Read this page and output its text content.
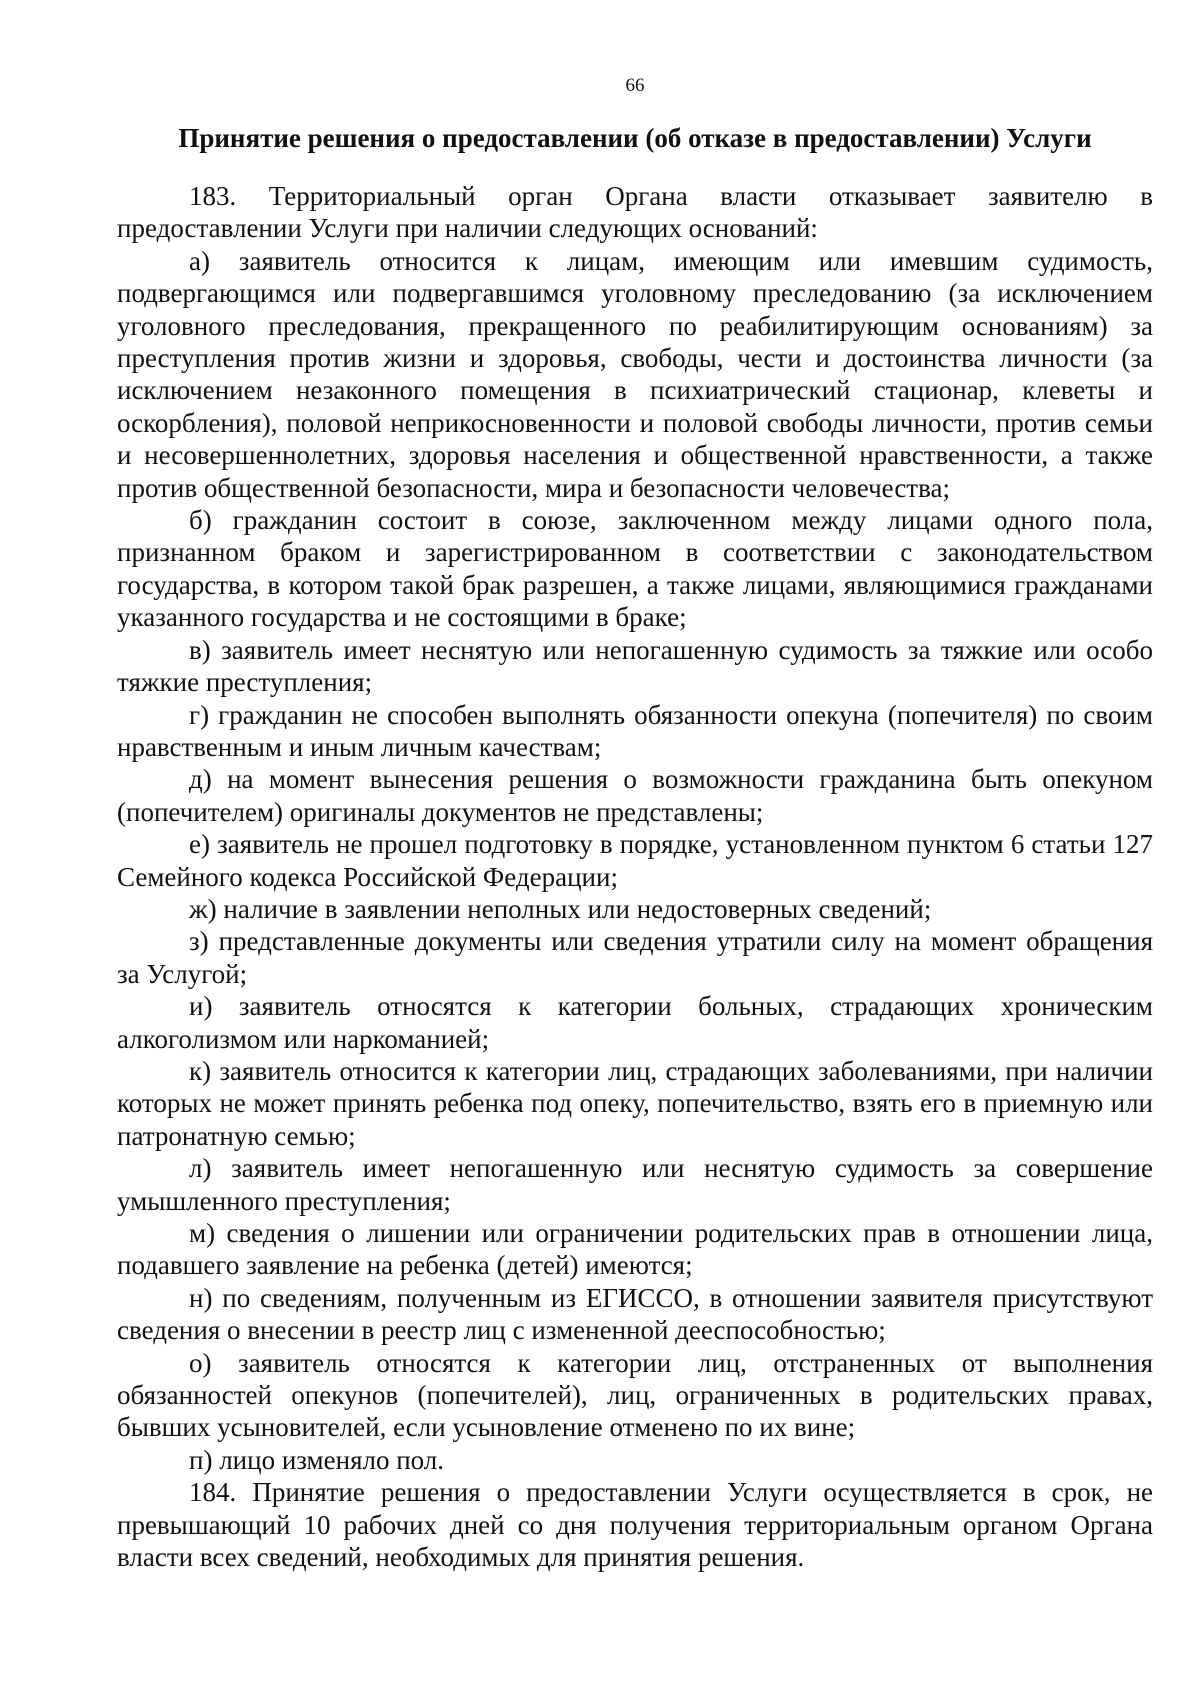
66
Принятие решения о предоставлении (об отказе в предоставлении) Услуги

183. Территориальный орган Органа власти отказывает заявителю в предоставлении Услуги при наличии следующих оснований:

а) заявитель относится к лицам, имеющим или имевшим судимость, подвергающимся или подвергавшимся уголовному преследованию (за исключением уголовного преследования, прекращенного по реабилитирующим основаниям) за преступления против жизни и здоровья, свободы, чести и достоинства личности (за исключением незаконного помещения в психиатрический стационар, клеветы и оскорбления), половой неприкосновенности и половой свободы личности, против семьи и несовершеннолетних, здоровья населения и общественной нравственности, а также против общественной безопасности, мира и безопасности человечества;

б) гражданин состоит в союзе, заключенном между лицами одного пола, признанном браком и зарегистрированном в соответствии с законодательством государства, в котором такой брак разрешен, а также лицами, являющимися гражданами указанного государства и не состоящими в браке;

в) заявитель имеет неснятую или непогашенную судимость за тяжкие или особо тяжкие преступления;

г) гражданин не способен выполнять обязанности опекуна (попечителя) по своим нравственным и иным личным качествам;

д) на момент вынесения решения о возможности гражданина быть опекуном (попечителем) оригиналы документов не представлены;

е) заявитель не прошел подготовку в порядке, установленном пунктом 6 статьи 127 Семейного кодекса Российской Федерации;

ж) наличие в заявлении неполных или недостоверных сведений;

з) представленные документы или сведения утратили силу на момент обращения за Услугой;

и) заявитель относятся к категории больных, страдающих хроническим алкоголизмом или наркоманией;

к) заявитель относится к категории лиц, страдающих заболеваниями, при наличии которых не может принять ребенка под опеку, попечительство, взять его в приемную или патронатную семью;

л) заявитель имеет непогашенную или неснятую судимость за совершение умышленного преступления;

м) сведения о лишении или ограничении родительских прав в отношении лица, подавшего заявление на ребенка (детей) имеются;

н) по сведениям, полученным из ЕГИССО, в отношении заявителя присутствуют сведения о внесении в реестр лиц с измененной дееспособностью;

о) заявитель относятся к категории лиц, отстраненных от выполнения обязанностей опекунов (попечителей), лиц, ограниченных в родительских правах, бывших усыновителей, если усыновление отменено по их вине;

п) лицо изменяло пол.

184. Принятие решения о предоставлении Услуги осуществляется в срок, не превышающий 10 рабочих дней со дня получения территориальным органом Органа власти всех сведений, необходимых для принятия решения.
